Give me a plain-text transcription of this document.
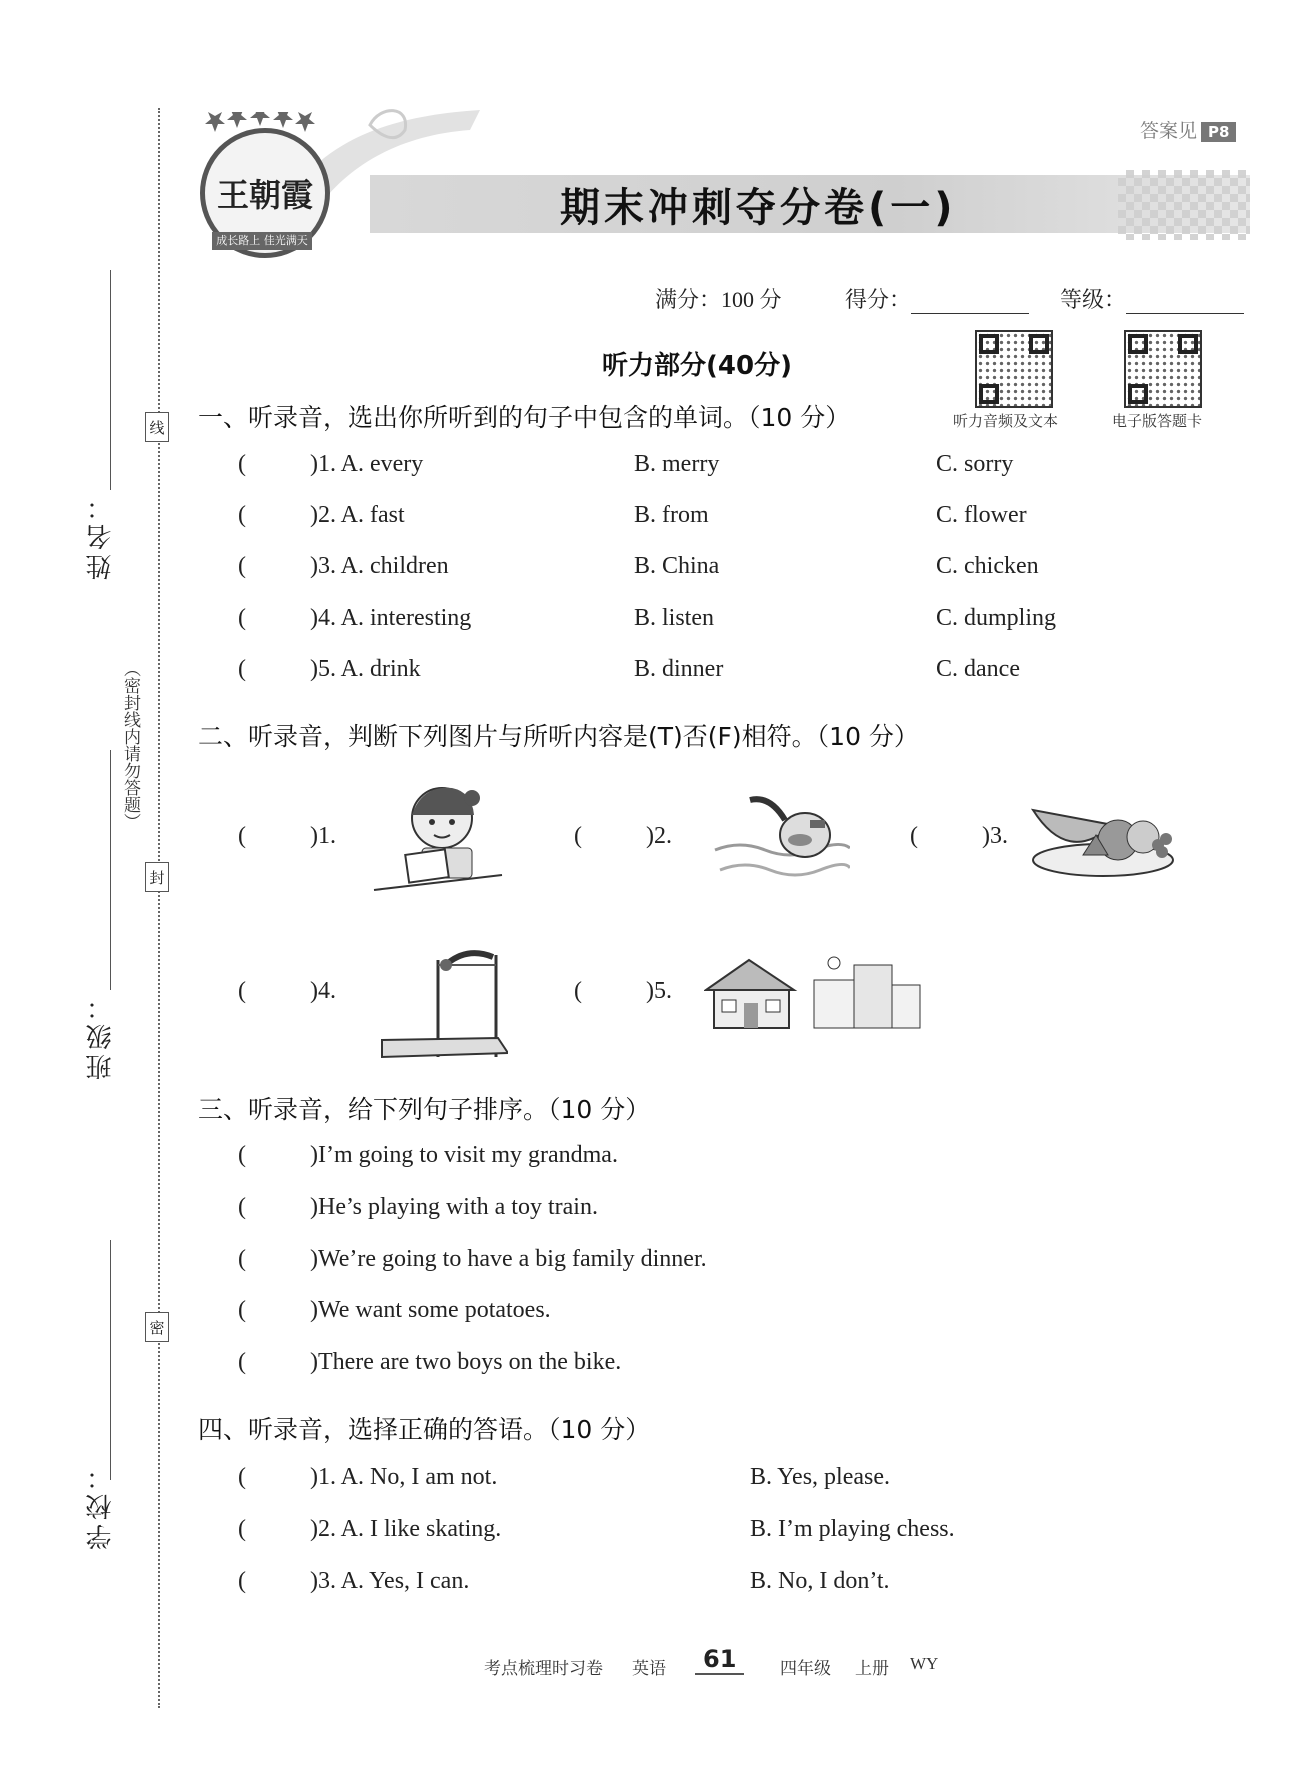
姓名：
班级：
学校：
线
封
密
（密封线内请勿答题）
答案见 P8
期末冲刺夺分卷(一)
王朝霞
成长路上 佳光满天
满分：100 分	得分：	等级：
听力音频及文本	电子版答题卡
听力部分(40分)
一、听录音，选出你所听到的句子中包含的单词。（10 分）
(	)1. A. every	B. merry	C. sorry
(	)2. A. fast	B. from	C. flower
(	)3. A. children	B. China	C. chicken
(	)4. A. interesting	B. listen	C. dumpling
(	)5. A. drink	B. dinner	C. dance
二、听录音，判断下列图片与所听内容是(T)否(F)相符。（10 分）
(	)1.	(	)2.	(	)3.
(	)4.	(	)5.
三、听录音，给下列句子排序。（10 分）
(	)I’m going to visit my grandma.
(	)He’s playing with a toy train.
(	)We’re going to have a big family dinner.
(	)We want some potatoes.
(	)There are two boys on the bike.
四、听录音，选择正确的答语。（10 分）
(	)1. A. No, I am not.	B. Yes, please.
(	)2. A. I like skating.	B. I’m playing chess.
(	)3. A. Yes, I can.	B. No, I don’t.
考点梳理时习卷 英语	61	四年级 上册 WY
